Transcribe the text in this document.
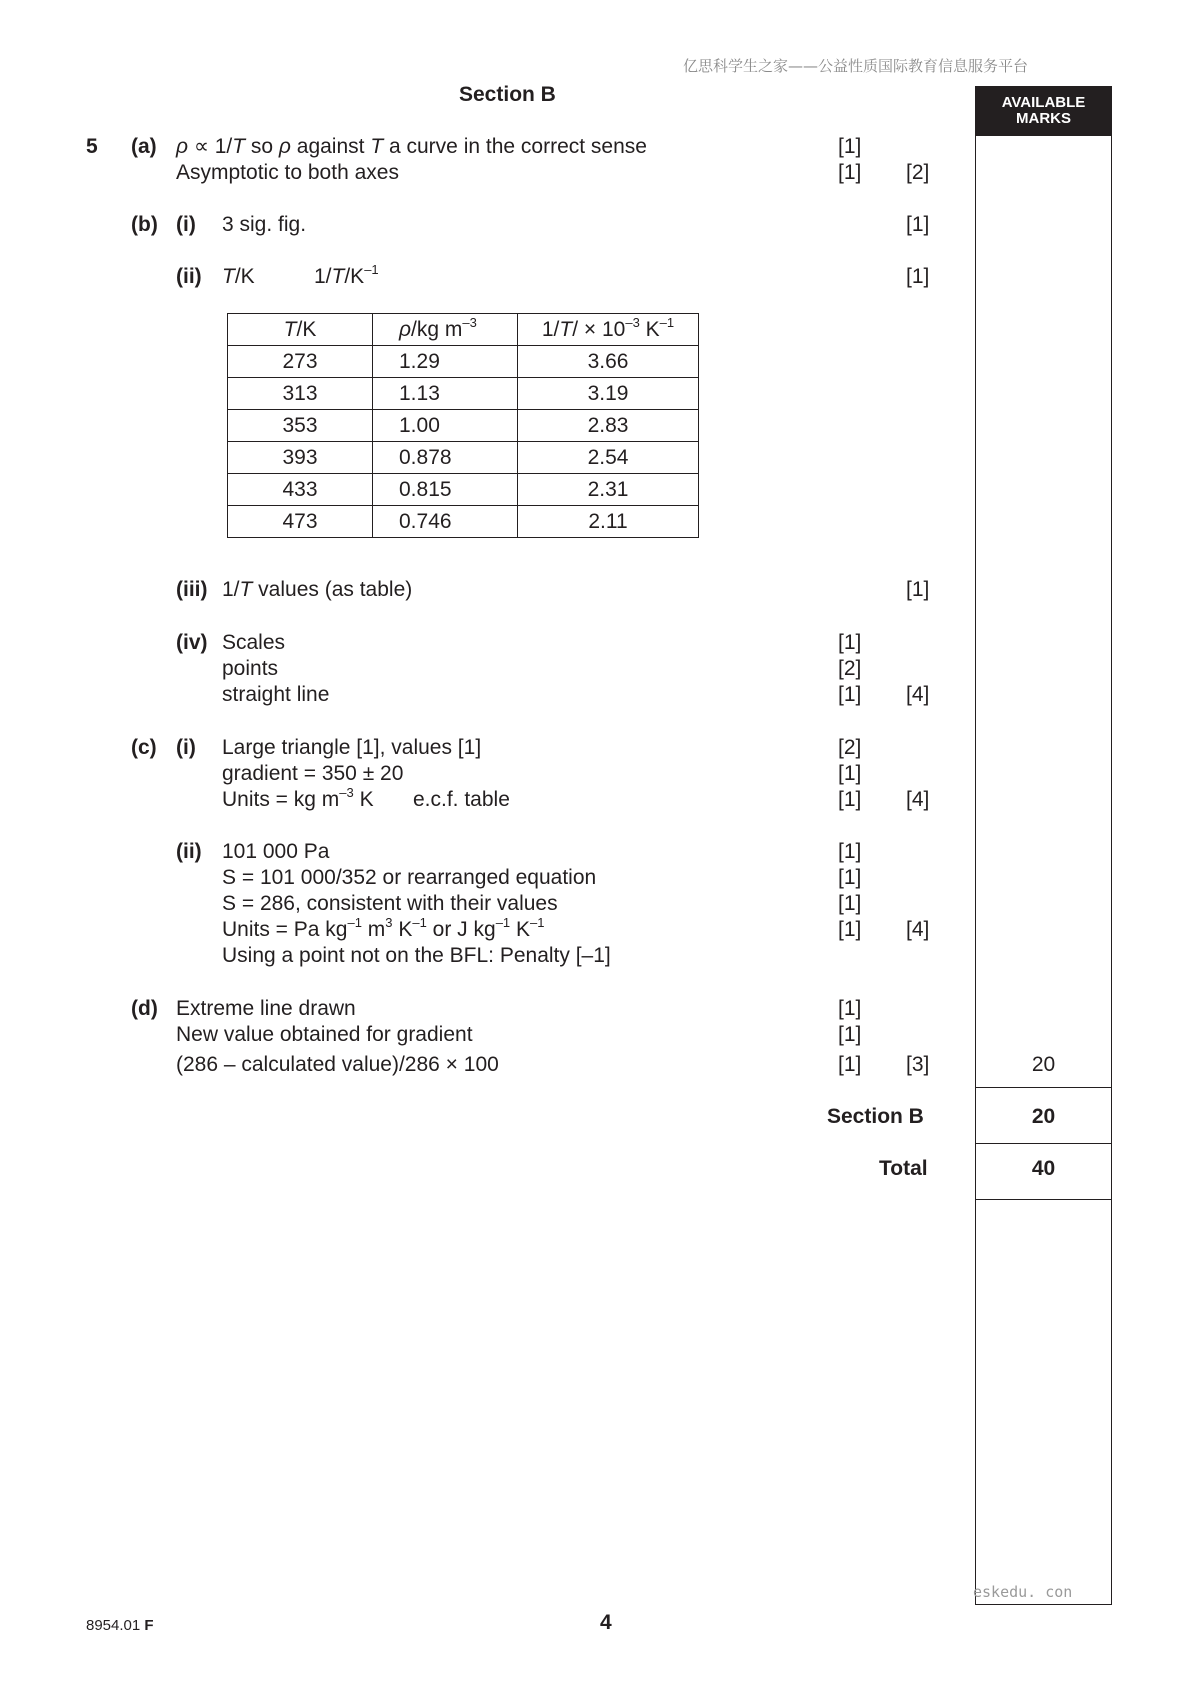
亿思科学生之家——公益性质国际教育信息服务平台
Section B	AVAILABLE
MARKS
5 (a) ρ ∝ 1/T so ρ against T a curve in the correct sense	[1]
Asymptotic to both axes	[1] [2]
(b) (i) 3 sig. fig.	[1]
(ii) T/K	$1/T/K^{-1}$	[1]
T/K	ρ/kg $m^{-3}$	$1/T/ \times 10^{-3}$ $K^{-1}$
273	1.29	3.66
313	1.13	3.19
353	1.00	2.83
393	0.878	2.54
433	0.815	2.31
473	0.746	2.11
(iii) 1/T values (as table)	[1]
(iv) Scales	[1]
points	[2]
straight line	[1] [4]
(c) (i) Large triangle [1], values [1]	[2]
gradient = 350 ± 20	[1]
Units = kg $m^{-3}$ K e.c.f. table	[1] [4]
(ii) 101 000 Pa	[1]
S = 101 000/352 or rearranged equation	[1]
S = 286, consistent with their values	[1]
Units = Pa $kg^{-1}$ $m^3$ $K^{-1}$ or J $kg^{-1}$ $K^{-1}$	[1] [4]
Using a point not on the BFL: Penalty [–1]
(d) Extreme line drawn	[1]
New value obtained for gradient	[1]
(286 – calculated value)/286 × 100	[1] [3]	20
Section B	20
Total	40
eskedu. con
8954.01 F	4
